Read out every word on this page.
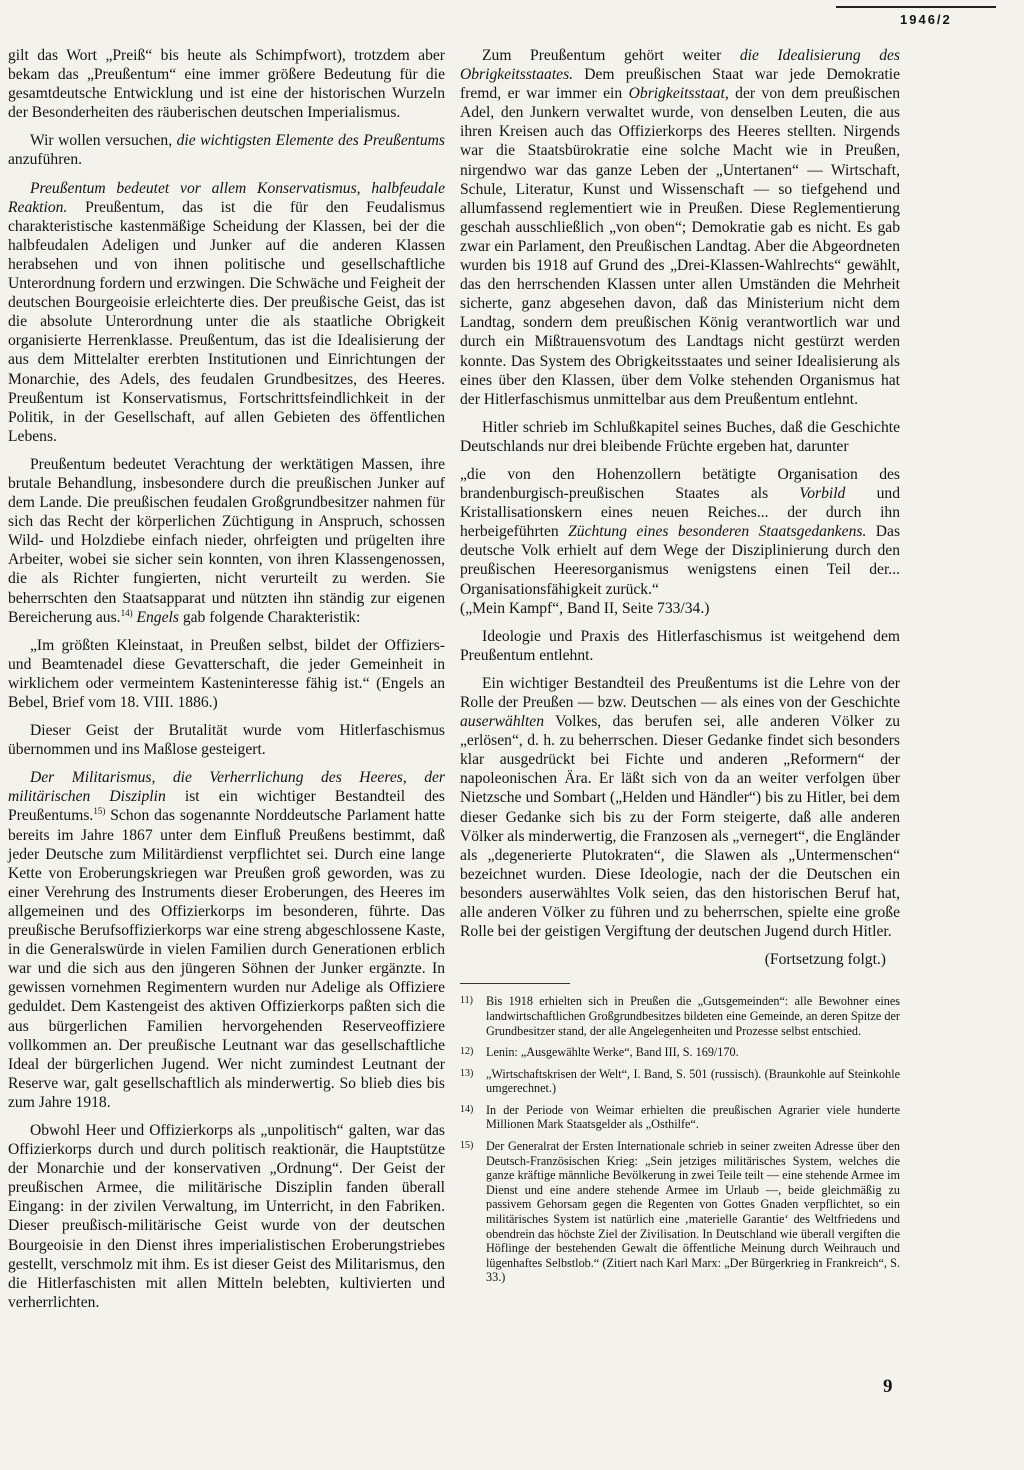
1946/2

gilt das Wort „Preiß“ bis heute als Schimpfwort), trotzdem aber bekam das „Preußentum“ eine immer größere Bedeutung für die gesamtdeutsche Entwicklung und ist eine der historischen Wurzeln der Besonderheiten des räuberischen deutschen Imperialismus.

Wir wollen versuchen, die wichtigsten Elemente des Preußentums anzuführen.

Preußentum bedeutet vor allem Konservatismus, halbfeudale Reaktion. Preußentum, das ist die für den Feudalismus charakteristische kastenmäßige Scheidung der Klassen, bei der die halbfeudalen Adeligen und Junker auf die anderen Klassen herabsehen und von ihnen politische und gesellschaftliche Unterordnung fordern und erzwingen. Die Schwäche und Feigheit der deutschen Bourgeoisie erleichterte dies. Der preußische Geist, das ist die absolute Unterordnung unter die als staatliche Obrigkeit organisierte Herrenklasse. Preußentum, das ist die Idealisierung der aus dem Mittelalter ererbten Institutionen und Einrichtungen der Monarchie, des Adels, des feudalen Grundbesitzes, des Heeres. Preußentum ist Konservatismus, Fortschrittsfeindlichkeit in der Politik, in der Gesellschaft, auf allen Gebieten des öffentlichen Lebens.

Preußentum bedeutet Verachtung der werktätigen Massen, ihre brutale Behandlung, insbesondere durch die preußischen Junker auf dem Lande. Die preußischen feudalen Großgrundbesitzer nahmen für sich das Recht der körperlichen Züchtigung in Anspruch, schossen Wild- und Holzdiebe einfach nieder, ohrfeigten und prügelten ihre Arbeiter, wobei sie sicher sein konnten, von ihren Klassengenossen, die als Richter fungierten, nicht verurteilt zu werden. Sie beherrschten den Staatsapparat und nützten ihn ständig zur eigenen Bereicherung aus.$^{14)}$ Engels gab folgende Charakteristik:

„Im größten Kleinstaat, in Preußen selbst, bildet der Offiziers- und Beamtenadel diese Gevatterschaft, die jeder Gemeinheit in wirklichem oder vermeintem Kasteninteresse fähig ist.“ (Engels an Bebel, Brief vom 18. VIII. 1886.)

Dieser Geist der Brutalität wurde vom Hitlerfaschismus übernommen und ins Maßlose gesteigert.

Der Militarismus, die Verherrlichung des Heeres, der militärischen Disziplin ist ein wichtiger Bestandteil des Preußentums.$^{15)}$ Schon das sogenannte Norddeutsche Parlament hatte bereits im Jahre 1867 unter dem Einfluß Preußens bestimmt, daß jeder Deutsche zum Militärdienst verpflichtet sei. Durch eine lange Kette von Eroberungskriegen war Preußen groß geworden, was zu einer Verehrung des Instruments dieser Eroberungen, des Heeres im allgemeinen und des Offizierkorps im besonderen, führte. Das preußische Berufsoffizierkorps war eine streng abgeschlossene Kaste, in die Generalswürde in vielen Familien durch Generationen erblich war und die sich aus den jüngeren Söhnen der Junker ergänzte. In gewissen vornehmen Regimentern wurden nur Adelige als Offiziere geduldet. Dem Kastengeist des aktiven Offizierkorps paßten sich die aus bürgerlichen Familien hervorgehenden Reserveoffiziere vollkommen an. Der preußische Leutnant war das gesellschaftliche Ideal der bürgerlichen Jugend. Wer nicht zumindest Leutnant der Reserve war, galt gesellschaftlich als minderwertig. So blieb dies bis zum Jahre 1918.

Obwohl Heer und Offizierkorps als „unpolitisch“ galten, war das Offizierkorps durch und durch politisch reaktionär, die Hauptstütze der Monarchie und der konservativen „Ordnung“. Der Geist der preußischen Armee, die militärische Disziplin fanden überall Eingang: in der zivilen Verwaltung, im Unterricht, in den Fabriken. Dieser preußisch-militärische Geist wurde von der deutschen Bourgeoisie in den Dienst ihres imperialistischen Eroberungstriebes gestellt, verschmolz mit ihm. Es ist dieser Geist des Militarismus, den die Hitlerfaschisten mit allen Mitteln belebten, kultivierten und verherrlichten.

Zum Preußentum gehört weiter die Idealisierung des Obrigkeitsstaates. Dem preußischen Staat war jede Demokratie fremd, er war immer ein Obrigkeitsstaat, der von dem preußischen Adel, den Junkern verwaltet wurde, von denselben Leuten, die aus ihren Kreisen auch das Offizierkorps des Heeres stellten. Nirgends war die Staatsbürokratie eine solche Macht wie in Preußen, nirgendwo war das ganze Leben der „Untertanen“ — Wirtschaft, Schule, Literatur, Kunst und Wissenschaft — so tiefgehend und allumfassend reglementiert wie in Preußen. Diese Reglementierung geschah ausschließlich „von oben“; Demokratie gab es nicht. Es gab zwar ein Parlament, den Preußischen Landtag. Aber die Abgeordneten wurden bis 1918 auf Grund des „Drei-Klassen-Wahlrechts“ gewählt, das den herrschenden Klassen unter allen Umständen die Mehrheit sicherte, ganz abgesehen davon, daß das Ministerium nicht dem Landtag, sondern dem preußischen König verantwortlich war und durch ein Mißtrauensvotum des Landtags nicht gestürzt werden konnte. Das System des Obrigkeitsstaates und seiner Idealisierung als eines über den Klassen, über dem Volke stehenden Organismus hat der Hitlerfaschismus unmittelbar aus dem Preußentum entlehnt.

Hitler schrieb im Schlußkapitel seines Buches, daß die Geschichte Deutschlands nur drei bleibende Früchte ergeben hat, darunter

„die von den Hohenzollern betätigte Organisation des brandenburgisch-preußischen Staates als Vorbild und Kristallisationskern eines neuen Reiches... der durch ihn herbeigeführten Züchtung eines besonderen Staatsgedankens. Das deutsche Volk erhielt auf dem Wege der Disziplinierung durch den preußischen Heeresorganismus wenigstens einen Teil der... Organisationsfähigkeit zurück.“

(„Mein Kampf“, Band II, Seite 733/34.)

Ideologie und Praxis des Hitlerfaschismus ist weitgehend dem Preußentum entlehnt.

Ein wichtiger Bestandteil des Preußentums ist die Lehre von der Rolle der Preußen — bzw. Deutschen — als eines von der Geschichte auserwählten Volkes, das berufen sei, alle anderen Völker zu „erlösen“, d. h. zu beherrschen. Dieser Gedanke findet sich besonders klar ausgedrückt bei Fichte und anderen „Reformern“ der napoleonischen Ära. Er läßt sich von da an weiter verfolgen über Nietzsche und Sombart („Helden und Händler“) bis zu Hitler, bei dem dieser Gedanke sich bis zu der Form steigerte, daß alle anderen Völker als minderwertig, die Franzosen als „vernegert“, die Engländer als „degenerierte Plutokraten“, die Slawen als „Untermenschen“ bezeichnet wurden. Diese Ideologie, nach der die Deutschen ein besonders auserwähltes Volk seien, das den historischen Beruf hat, alle anderen Völker zu führen und zu beherrschen, spielte eine große Rolle bei der geistigen Vergiftung der deutschen Jugend durch Hitler.

(Fortsetzung folgt.)

11)	Bis 1918 erhielten sich in Preußen die „Gutsgemeinden“: alle Bewohner eines landwirtschaftlichen Großgrundbesitzes bildeten eine Gemeinde, an deren Spitze der Grundbesitzer stand, der alle Angelegenheiten und Prozesse selbst entschied.
12)	Lenin: „Ausgewählte Werke“, Band III, S. 169/170.
13)	„Wirtschaftskrisen der Welt“, I. Band, S. 501 (russisch). (Braunkohle auf Steinkohle umgerechnet.)
14)	In der Periode von Weimar erhielten die preußischen Agrarier viele hunderte Millionen Mark Staatsgelder als „Osthilfe“.
15)	Der Generalrat der Ersten Internationale schrieb in seiner zweiten Adresse über den Deutsch-Französischen Krieg: „Sein jetziges militärisches System, welches die ganze kräftige männliche Bevölkerung in zwei Teile teilt — eine stehende Armee im Dienst und eine andere stehende Armee im Urlaub —, beide gleichmäßig zu passivem Gehorsam gegen die Regenten von Gottes Gnaden verpflichtet, so ein militärisches System ist natürlich eine ‚materielle Garantie‘ des Weltfriedens und obendrein das höchste Ziel der Zivilisation. In Deutschland wie überall vergiften die Höflinge der bestehenden Gewalt die öffentliche Meinung durch Weihrauch und lügenhaftes Selbstlob.“ (Zitiert nach Karl Marx: „Der Bürgerkrieg in Frankreich“, S. 33.)
9
